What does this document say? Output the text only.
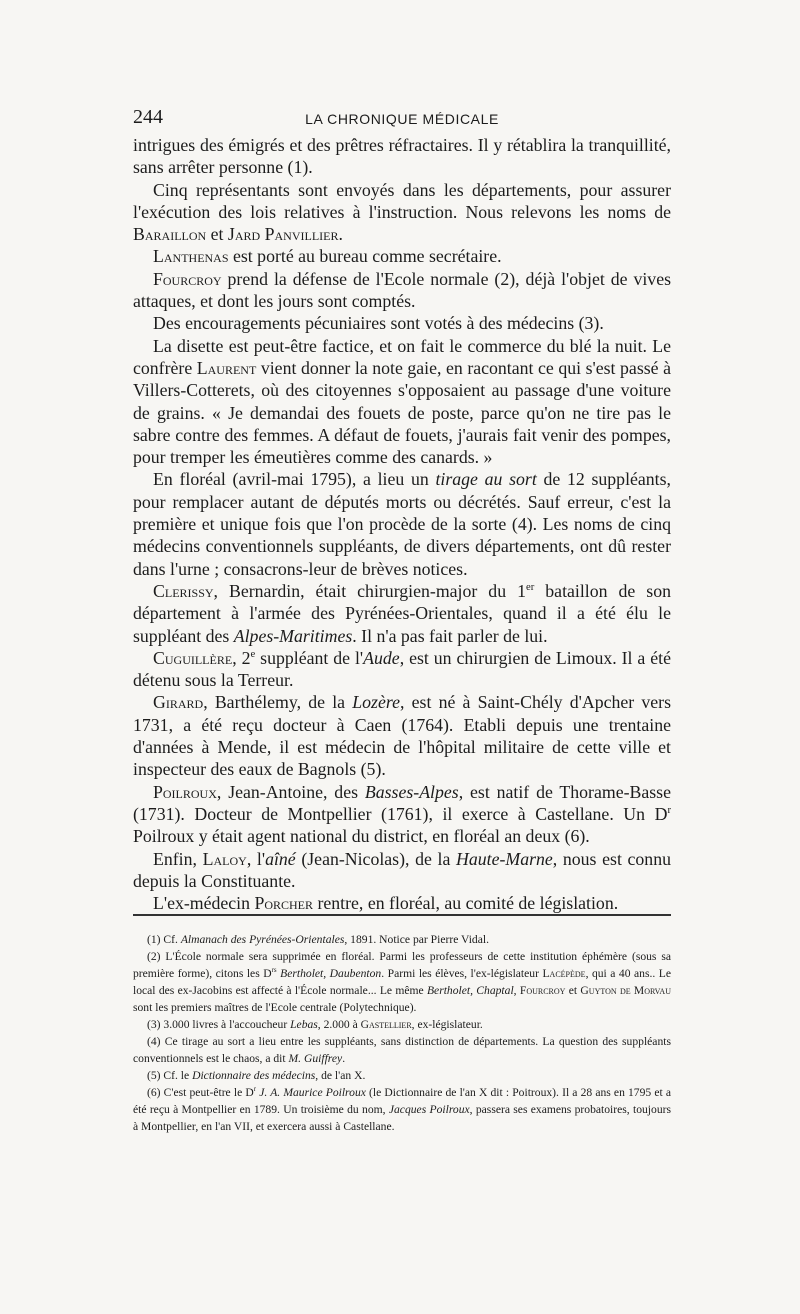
244	LA CHRONIQUE MÉDICALE

intrigues des émigrés et des prêtres réfractaires. Il y rétablira la tranquillité, sans arrêter personne (1).

Cinq représentants sont envoyés dans les départements, pour assurer l'exécution des lois relatives à l'instruction. Nous relevons les noms de Baraillon et Jard Panvillier.

Lanthenas est porté au bureau comme secrétaire.

Fourcroy prend la défense de l'Ecole normale (2), déjà l'objet de vives attaques, et dont les jours sont comptés.

Des encouragements pécuniaires sont votés à des médecins (3).

La disette est peut-être factice, et on fait le commerce du blé la nuit. Le confrère Laurent vient donner la note gaie, en racontant ce qui s'est passé à Villers-Cotterets, où des citoyennes s'opposaient au passage d'une voiture de grains. « Je demandai des fouets de poste, parce qu'on ne tire pas le sabre contre des femmes. A défaut de fouets, j'aurais fait venir des pompes, pour tremper les émeutières comme des canards. »

En floréal (avril-mai 1795), a lieu un tirage au sort de 12 suppléants, pour remplacer autant de députés morts ou décrétés. Sauf erreur, c'est la première et unique fois que l'on procède de la sorte (4). Les noms de cinq médecins conventionnels suppléants, de divers départements, ont dû rester dans l'urne ; consacrons-leur de brèves notices.

Clerissy, Bernardin, était chirurgien-major du 1er bataillon de son département à l'armée des Pyrénées-Orientales, quand il a été élu le suppléant des Alpes-Maritimes. Il n'a pas fait parler de lui.

Cuguillère, 2e suppléant de l'Aude, est un chirurgien de Limoux. Il a été détenu sous la Terreur.

Girard, Barthélemy, de la Lozère, est né à Saint-Chély d'Apcher vers 1731, a été reçu docteur à Caen (1764). Etabli depuis une trentaine d'années à Mende, il est médecin de l'hôpital militaire de cette ville et inspecteur des eaux de Bagnols (5).

Poilroux, Jean-Antoine, des Basses-Alpes, est natif de Thorame-Basse (1731). Docteur de Montpellier (1761), il exerce à Castellane. Un $D^r$ Poilroux y était agent national du district, en floréal an deux (6).

Enfin, Laloy, l'aîné (Jean-Nicolas), de la Haute-Marne, nous est connu depuis la Constituante.

L'ex-médecin Porcher rentre, en floréal, au comité de législation.

(1) Cf. Almanach des Pyrénées-Orientales, 1891. Notice par Pierre Vidal.

(2) L'École normale sera supprimée en floréal. Parmi les professeurs de cette institution éphémère (sous sa première forme), citons les $D^{rs}$ Bertholet, Daubenton. Parmi les élèves, l'ex-législateur Lacépède, qui a 40 ans.. Le local des ex-Jacobins est affecté à l'École normale... Le même Bertholet, Chaptal, Fourcroy et Guyton de Morvau sont les premiers maîtres de l'Ecole centrale (Polytechnique).

(3) 3.000 livres à l'accoucheur Lebas, 2.000 à Gastellier, ex-législateur.

(4) Ce tirage au sort a lieu entre les suppléants, sans distinction de départements. La question des suppléants conventionnels est le chaos, a dit M. Guiffrey.

(5) Cf. le Dictionnaire des médecins, de l'an X.

(6) C'est peut-être le $D^r$ J. A. Maurice Poilroux (le Dictionnaire de l'an X dit : Poitroux). Il a 28 ans en 1795 et a été reçu à Montpellier en 1789. Un troisième du nom, Jacques Poilroux, passera ses examens probatoires, toujours à Montpellier, en l'an VII, et exercera aussi à Castellane.
